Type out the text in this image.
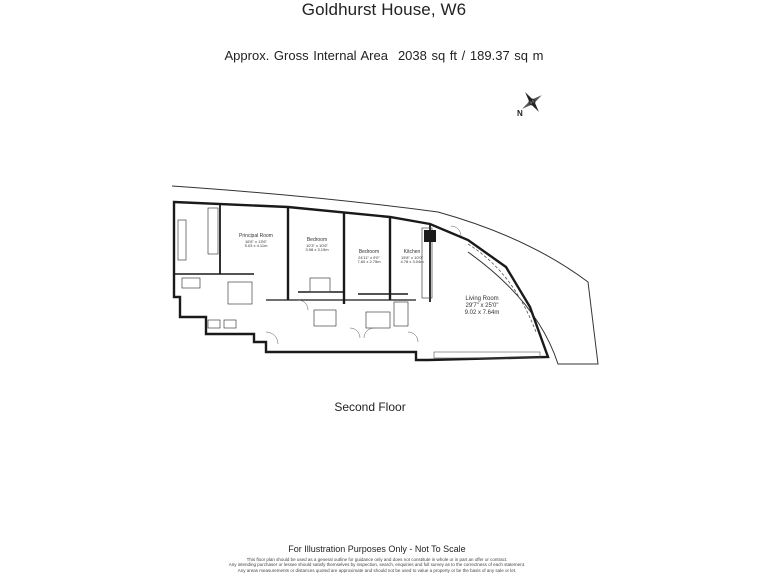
Goldhurst House, W6
Approx. Gross Internal Area 2038 sq ft / 189.37 sq m
N
Principal Room
16'6" x 13'6"
5.03 x 4.11m
Bedroom
10'3" x 10'6"
3.98 x 3.19m	Bedroom
24'11" x 9'0"
7.60 x 2.75m
Kitchen
15'8" x 10'0"
4.78 x 3.04m
Living Room
29'7" x 25'0"
9.02 x 7.64m
Second Floor
For Illustration Purposes Only - Not To Scale
This floor plan should be used as a general outline for guidance only and does not constitute in whole or in part an offer or contract.
Any intending purchaser or lessee should satisfy themselves by inspection, search, enquiries and full survey as to the correctness of each statement.
Any areas measurements or distances quoted are approximate and should not be used to value a property or be the basis of any sale or let.
